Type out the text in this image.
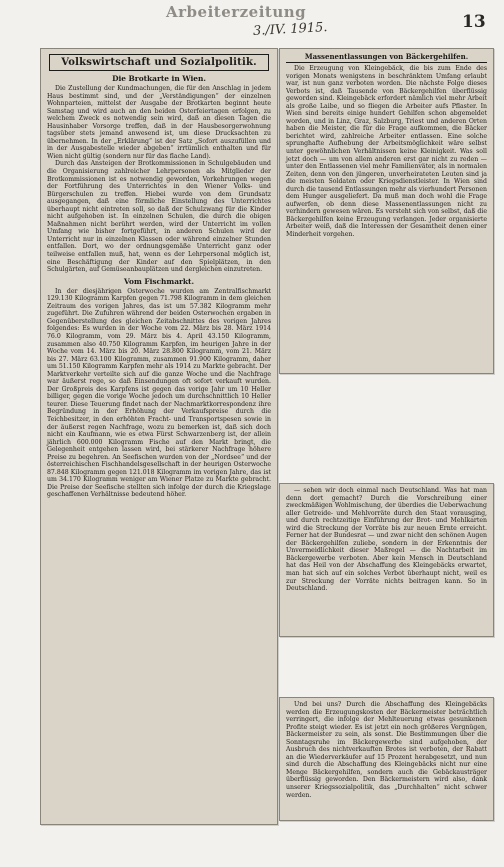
Arbeiterzeitung
3./IV. 1915.	13
Volkswirtschaft und Sozialpolitik.
Die Brotkarte in Wien.

Die Zustellung der Kundmachungen, die für den Anschlag in jedem Haus bestimmt sind, und der „Verständigungen“ der einzelnen Wohnparteien, mittelst der Ausgabe der Brotkarten beginnt heute Samstag und wird auch an den beiden Osterfeiertagen erfolgen, zu welchem Zweck es notwendig sein wird, daß an diesen Tagen die Hausinhaber Vorsorge treffen, daß in der Hausbesorgerwohnung tagsüber stets jemand anwesend ist, um diese Drucksachten zu übernehmen. In der „Erklärung“ ist der Satz „Sofort auszufüllen und in der Ausgabestelle wieder abgeben“ irrtümlich enthalten und für Wien nicht gültig (sondern nur für das flache Land).

Durch das Ansteigen der Brotkommissionen in Schulgebäuden und die Organisierung zahlreicher Lehrpersonen als Mitglieder der Brotkommissionen ist es notwendig geworden, Vorkehrungen wegen der Fortführung des Unterrichtes in den Wiener Volks- und Bürgerschulen zu treffen. Hiebei wurde von dem Grundsatz ausgegangen, daß eine förmliche Einstellung des Unterrichtes überhaupt nicht eintreten soll, so daß der Schulzwang für die Kinder nicht aufgehoben ist. In einzelnen Schulen, die durch die obigen Maßnahmen nicht berührt werden, wird der Unterricht im vollen Umfang wie bisher fortgeführt, in anderen Schulen wird der Unterricht nur in einzelnen Klassen oder während einzelner Stunden entfallen. Dort, wo der ordnungsgemäße Unterricht ganz oder teilweise entfallen muß, hat, wenn es der Lehrpersonal möglich ist, eine Beschäftigung der Kinder auf den Spielplätzen, in den Schulgärten, auf Gemüseanbauplätzen und dergleichen einzutreten.

Vom Fischmarkt.

In der diesjährigen Osterwoche wurden am Zentralfischmarkt 129.130 Kilogramm Karpfen gegen 71.798 Kilogramm in dem gleichen Zeitraum des vorigen Jahres, das ist um 57.382 Kilogramm mehr zugeführt. Die Zufuhren während der beiden Osterwochen ergaben in Gegenüberstellung des gleichen Zeitabschnittes des vorigen Jahres folgendes: Es wurden in der Woche vom 22. März bis 28. März 1914 76.0 Kilogramm, vom 29. März bis 4. April 43.150 Kilogramm, zusammen also 40.750 Kilogramm Karpfen, im heurigen Jahre in der Woche vom 14. März bis 20. März 28.800 Kilogramm, vom 21. März bis 27. März 63.100 Kilogramm, zusammen 91.900 Kilogramm, daher um 51.150 Kilogramm Karpfen mehr als 1914 zu Markte gebracht. Der Marktverkehr verteilte sich auf die ganze Woche und die Nachfrage war äußerst rege, so daß Einsendungen oft sofort verkauft wurden. Der Großpreis des Karpfens ist gegen das vorige Jahr um 10 Heller billiger, gegen die vorige Woche jedoch um durchschnittlich 10 Heller teurer. Diese Teuerung findet nach der Nachmarktkorrespondenz ihre Begründung in der Erhöhung der Verkaufspreise durch die Teichbesitzer, in den erhöhten Fracht- und Transportspesen sowie in der äußerst regen Nachfrage, wozu zu bemerken ist, daß sich doch nicht ein Kaufmann, wie es etwa Fürst Schwarzenberg ist, der allein jährlich 600.000 Kilogramm Fische auf den Markt bringt, die Gelegenheit entgehen lassen wird, bei stärkerer Nachfrage höhere Preise zu begehren. An Seefischen wurden von der „Nordsee“ und der österreichischen Fischhandelsgesellschaft in der heurigen Osterwoche 87.848 Kilogramm gegen 121.018 Kilogramm im vorigen Jahre, das ist um 34.170 Kilogramm weniger am Wiener Platze zu Markte gebracht. Die Preise der Seefische stellten sich infolge der durch die Kriegslage geschaffenen Verhältnisse bedeutend höher.

Massenentlassungen von Bäckergehilfen.

Die Erzeugung von Kleingebäck, die bis zum Ende des vorigen Monats wenigstens in beschränktem Umfang erlaubt war, ist nun ganz verboten worden. Die nächste Folge dieses Verbots ist, daß Tausende von Bäckergehilfen überflüssig geworden sind. Kleingebäck erfordert nämlich viel mehr Arbeit als große Laibe, und so fliegen die Arbeiter aufs Pflaster. In Wien sind bereits einige hundert Gehilfen schon abgemeldet worden, und in Linz, Graz, Salzburg, Triest und anderen Orten haben die Meister, die für die Frage aufkommen, die Bäcker berichtet wird, zahlreiche Arbeiter entlassen. Eine solche sprunghafte Aufhebung der Arbeitsmöglichkeit wäre selbst unter gewöhnlichen Verhältnissen keine Kleinigkeit. Was soll jetzt doch — um von allem anderen erst gar nicht zu reden — unter den Entlassenen viel mehr Familienväter, als in normalen Zeiten, denn von den jüngeren, unverheirateten Leuten sind ja die meisten Soldaten oder Kriegsdienstleister. In Wien sind durch die tausend Entlassungen mehr als vierhundert Personen dem Hunger ausgeliefert. Da muß man doch wohl die Frage aufwerfen, ob denn diese Massenentlassungen nicht zu verhindern gewesen wären. Es versteht sich von selbst, daß die Bäckergehilfen keine Erzeugung verlangen. Jeder organisierte Arbeiter weiß, daß die Interessen der Gesamtheit denen einer Minderheit vorgehen.

— sehen wir doch einmal nach Deutschland. Was hat man denn dort gemacht? Durch die Vorschreibung einer zweckmäßigen Wohlmischung, der überdies die Ueberwachung aller Getreide- und Mehlvorräte durch den Staat vorausging, und durch rechtzeitige Einführung der Brot- und Mehlkarten wird die Streckung der Vorräte bis zur neuen Ernte erreicht. Ferner hat der Bundesrat — und zwar nicht den schönen Augen der Bäckergehilfen zuliebe, sondern in der Erkenntnis der Unvermeidlichkeit dieser Maßregel — die Nachtarbeit im Bäckergewerbe verboten. Aber kein Mensch in Deutschland hat das Heil von der Abschaffung des Kleingebäcks erwartet, man hat sich auf ein solches Verbot überhaupt nicht, weil es zur Streckung der Vorräte nichts beitragen kann. So in Deutschland.

Und bei uns? Durch die Abschaffung des Kleingebäcks werden die Erzeugungskosten der Bäckermeister beträchtlich verringert, die infolge der Mehlteuerung etwas gesunkenen Profite steigt wieder. Es ist jetzt ein noch größeres Vergnügen, Bäckermeister zu sein, als sonst. Die Bestimmungen über die Sonntagsruhe im Bäckergewerbe sind aufgehoben, der Ausbruch des nichtverkauften Brotes ist verboten, der Rabatt an die Wiederverkäufer auf 15 Prozent herabgesetzt, und nun sind durch die Abschaffung des Kleingebäcks nicht nur eine Menge Bäckergehilfen, sondern auch die Gebäckausträger überflüssig geworden. Den Bäckermeistern wird also, dank unserer Kriegssozialpolitik, das „Durchhalten“ nicht schwer werden.
